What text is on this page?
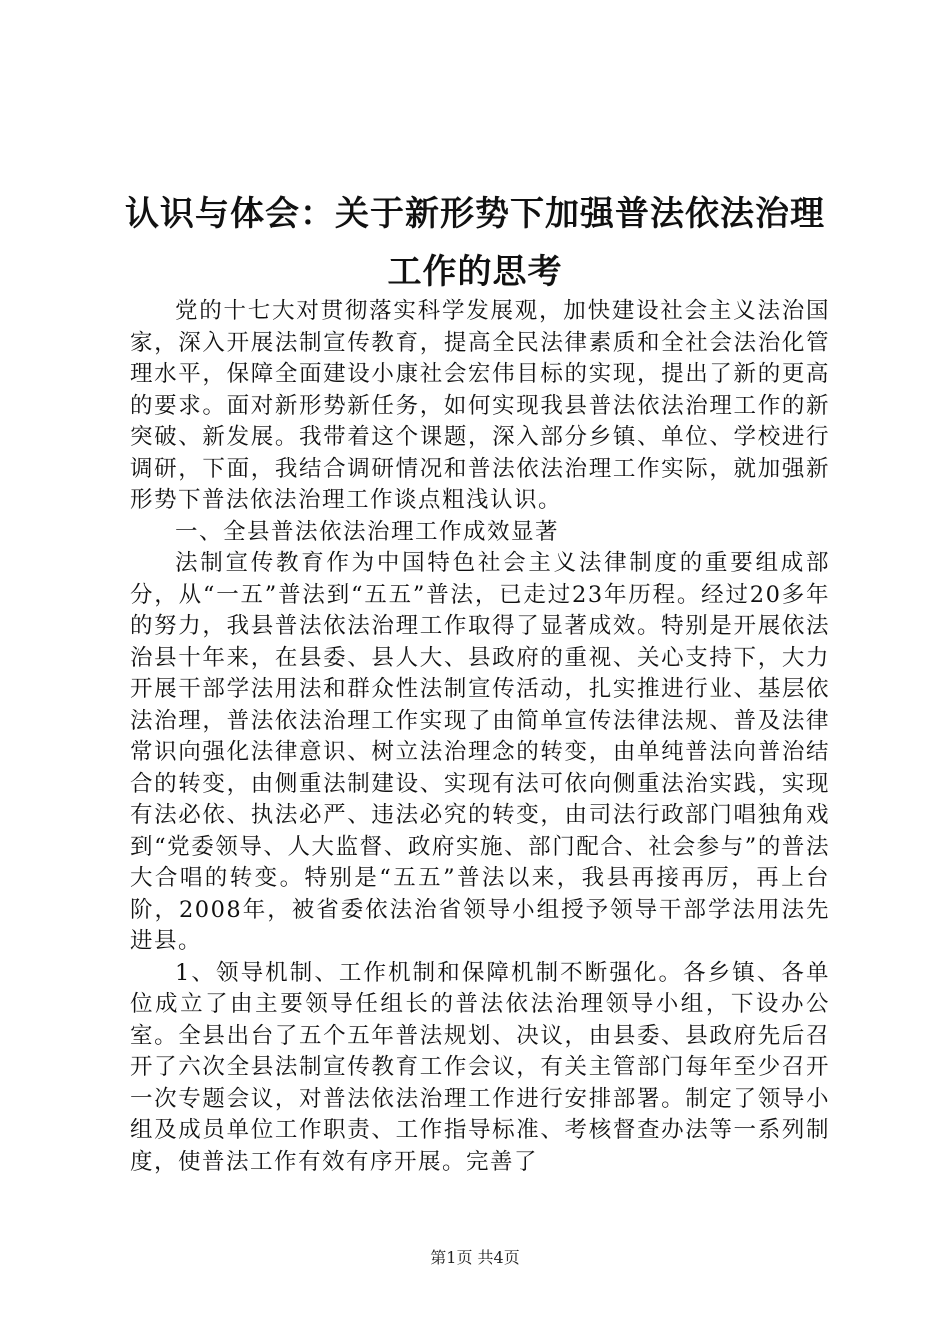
认识与体会：关于新形势下加强普法依法治理
工作的思考

党的十七大对贯彻落实科学发展观，加快建设社会主义法治国家，深入开展法制宣传教育，提高全民法律素质和全社会法治化管理水平，保障全面建设小康社会宏伟目标的实现，提出了新的更高的要求。面对新形势新任务，如何实现我县普法依法治理工作的新突破、新发展。我带着这个课题，深入部分乡镇、单位、学校进行调研，下面，我结合调研情况和普法依法治理工作实际，就加强新形势下普法依法治理工作谈点粗浅认识。

一、全县普法依法治理工作成效显著

法制宣传教育作为中国特色社会主义法律制度的重要组成部分，从“一五”普法到“五五”普法，已走过23年历程。经过20多年的努力，我县普法依法治理工作取得了显著成效。特别是开展依法治县十年来，在县委、县人大、县政府的重视、关心支持下，大力开展干部学法用法和群众性法制宣传活动，扎实推进行业、基层依法治理，普法依法治理工作实现了由简单宣传法律法规、普及法律常识向强化法律意识、树立法治理念的转变，由单纯普法向普治结合的转变，由侧重法制建设、实现有法可依向侧重法治实践，实现有法必依、执法必严、违法必究的转变，由司法行政部门唱独角戏到“党委领导、人大监督、政府实施、部门配合、社会参与”的普法大合唱的转变。特别是“五五”普法以来，我县再接再厉，再上台阶，2008年，被省委依法治省领导小组授予领导干部学法用法先进县。

1、领导机制、工作机制和保障机制不断强化。各乡镇、各单位成立了由主要领导任组长的普法依法治理领导小组，下设办公室。全县出台了五个五年普法规划、决议，由县委、县政府先后召开了六次全县法制宣传教育工作会议，有关主管部门每年至少召开一次专题会议，对普法依法治理工作进行安排部署。制定了领导小组及成员单位工作职责、工作指导标准、考核督查办法等一系列制度，使普法工作有效有序开展。完善了

第1页 共4页
